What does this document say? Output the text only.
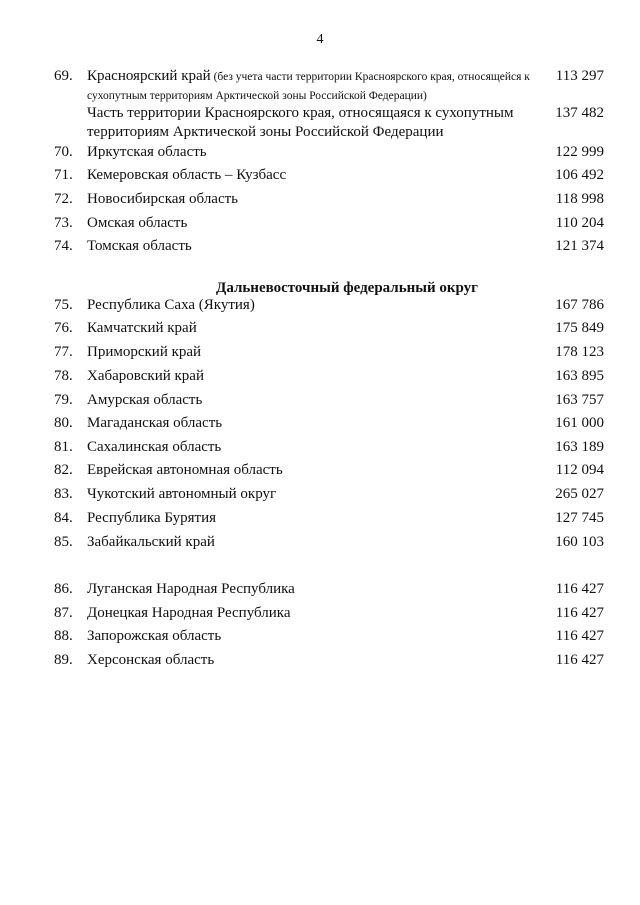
4
69. Красноярский край (без учета части территории Красноярского края, относящейся к сухопутным территориям Арктической зоны Российской Федерации)
113 297
Часть территории Красноярского края, относящаяся к сухопутным территориям Арктической зоны Российской Федерации
137 482
70. Иркутская область	122 999
71. Кемеровская область – Кузбасс	106 492
72. Новосибирская область	118 998
73. Омская область	110 204
74. Томская область	121 374
Дальневосточный федеральный округ
75. Республика Саха (Якутия)	167 786
76. Камчатский край	175 849
77. Приморский край	178 123
78. Хабаровский край	163 895
79. Амурская область	163 757
80. Магаданская область	161 000
81. Сахалинская область	163 189
82. Еврейская автономная область	112 094
83. Чукотский автономный округ	265 027
84. Республика Бурятия	127 745
85. Забайкальский край	160 103
86. Луганская Народная Республика	116 427
87. Донецкая Народная Республика	116 427
88. Запорожская область	116 427
89. Херсонская область	116 427
